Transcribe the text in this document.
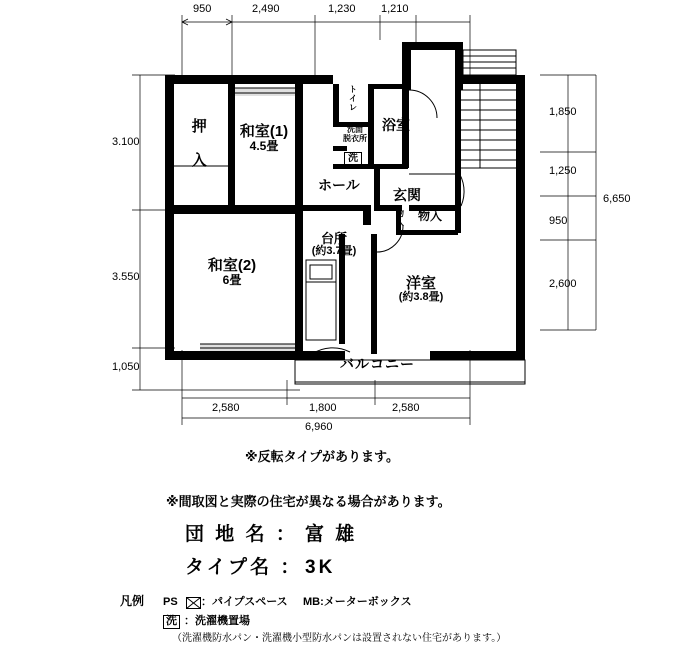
950	2,490	1,230 1,210
3.100
3.550
1,050
1,850
1,250
950
6,650
2,600
2,580	1,800	2,580
6,960
押 入	和室(1)
4.5畳
和室(2)
6畳
台所
(約3.7畳)
洋室
(約3.8畳)
ホール
玄関
浴室
ト
イ
レ
洗面
脱衣所
洗
物
入 物入
バルコニー
※反転タイプがあります。
※間取図と実際の住宅が異なる場合があります。
団 地 名 ： 富 雄
タイプ名 ： 3K
凡例 PS ：パイプスペース MB:メーターボックス
洗 ：洗濯機置場
（洗濯機防水パン・洗濯機小型防水パンは設置されない住宅があります。）
